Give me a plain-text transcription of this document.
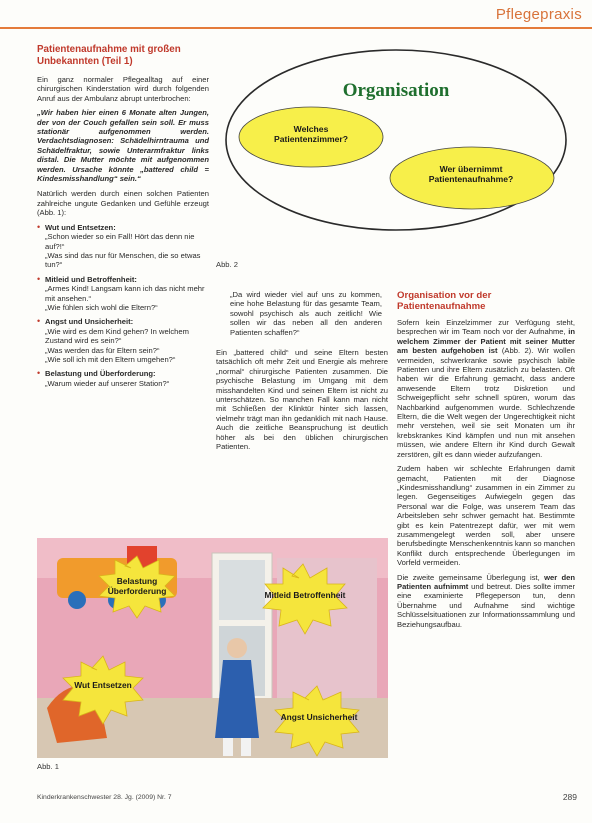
Pflegepraxis
Patientenaufnahme mit großen Unbekannten (Teil 1)

Ein ganz normaler Pflegealltag auf einer chirurgischen Kinderstation wird durch folgenden Anruf aus der Ambulanz abrupt unterbrochen:

„Wir haben hier einen 6 Monate alten Jungen, der von der Couch gefallen sein soll. Er muss stationär aufgenommen werden. Verdachtsdiagnosen: Schädelhirntrauma und Schädelfraktur, sowie Unterarmfraktur links distal. Die Mutter möchte mit aufgenommen werden. Ursache könnte „battered child = Kindesmisshandlung“ sein.“

Natürlich werden durch einen solchen Patienten zahlreiche ungute Gedanken und Gefühle erzeugt (Abb. 1):

• Wut und Entsetzen:
„Schon wieder so ein Fall! Hört das denn nie auf?!“
„Was sind das nur für Menschen, die so etwas tun?“
• Mitleid und Betroffenheit:
„Armes Kind! Langsam kann ich das nicht mehr mit ansehen.“
„Wie fühlen sich wohl die Eltern?“
• Angst und Unsicherheit:
„Wie wird es dem Kind gehen? In welchem Zustand wird es sein?“
„Was werden das für Eltern sein?“
„Wie soll ich mit den Eltern umgehen?“
• Belastung und Überforderung:
„Warum wieder auf unserer Station?“
Organisation
Welches Patientenzimmer?
Wer übernimmt Patientenaufnahme?
Abb. 2

„Da wird wieder viel auf uns zu kommen, eine hohe Belastung für das gesamte Team, sowohl psychisch als auch zeitlich! Wie sollen wir das neben all den anderen Patienten schaffen?“

Ein „battered child“ und seine Eltern besten tatsächlich oft mehr Zeit und Energie als mehrere „normal“ chirurgische Patienten zusammen. Die psychische Belastung im Umgang mit dem misshandelten Kind und seinen Eltern ist nicht zu unterschätzen. So manchen Fall kann man nicht mit Schließen der Klinktür hinter sich lassen, vielmehr trägt man ihn gedanklich mit nach Hause. Auch die zeitliche Beanspruchung ist deutlich höher als bei den üblichen chirurgischen Patienten.

Organisation vor der Patientenaufnahme

Sofern kein Einzelzimmer zur Verfügung steht, besprechen wir im Team noch vor der Aufnahme, in welchem Zimmer der Patient mit seiner Mutter am besten aufgehoben ist (Abb. 2). Wir wollen vermeiden, schwerkranke sowie psychisch labile Patienten und ihre Eltern zusätzlich zu belasten. Oft haben wir die Erfahrung gemacht, dass andere anwesende Eltern trotz Diskretion und Schweigepflicht sehr schnell spüren, worum das Nachbarkind aufgenommen wurde. Schlechzende Eltern, die die Welt wegen der Ungerechtigkeit nicht mehr verstehen, weil sie seit Monaten um ihr krebskrankes Kind kämpfen und nun mit ansehen müssen, wie andere Eltern ihr Kind durch Gewalt zerstören, gilt es dann wieder aufzufangen.

Zudem haben wir schlechte Erfahrungen damit gemacht, Patienten mit der Diagnose „Kindesmisshandlung“ zusammen in ein Zimmer zu legen. Gegenseitiges Aufwiegeln gegen das Personal war die Folge, was unserem Team das Arbeitsleben sehr schwer gemacht hat. Bestimmte gibt es kein Patentrezept dafür, wer mit wem zusammengelegt werden soll, aber unsere berufsbedingte Menschenkenntnis kann so manchen Konflikt durch entsprechende Überlegungen im Vorfeld vermeiden.

Die zweite gemeinsame Überlegung ist, wer den Patienten aufnimmt und betreut. Dies sollte immer eine examinierte Pflegeperson tun, denn Übernahme und Aufnahme sind wichtige Schlüsselsituationen zur Informationssammlung und Beziehungsaufbau.

Belastung Überforderung	Mitleid Betroffenheit
Wut Entsetzen
Angst Unsicherheit
Abb. 1
Kinderkrankenschwester 28. Jg. (2009) Nr. 7	289
